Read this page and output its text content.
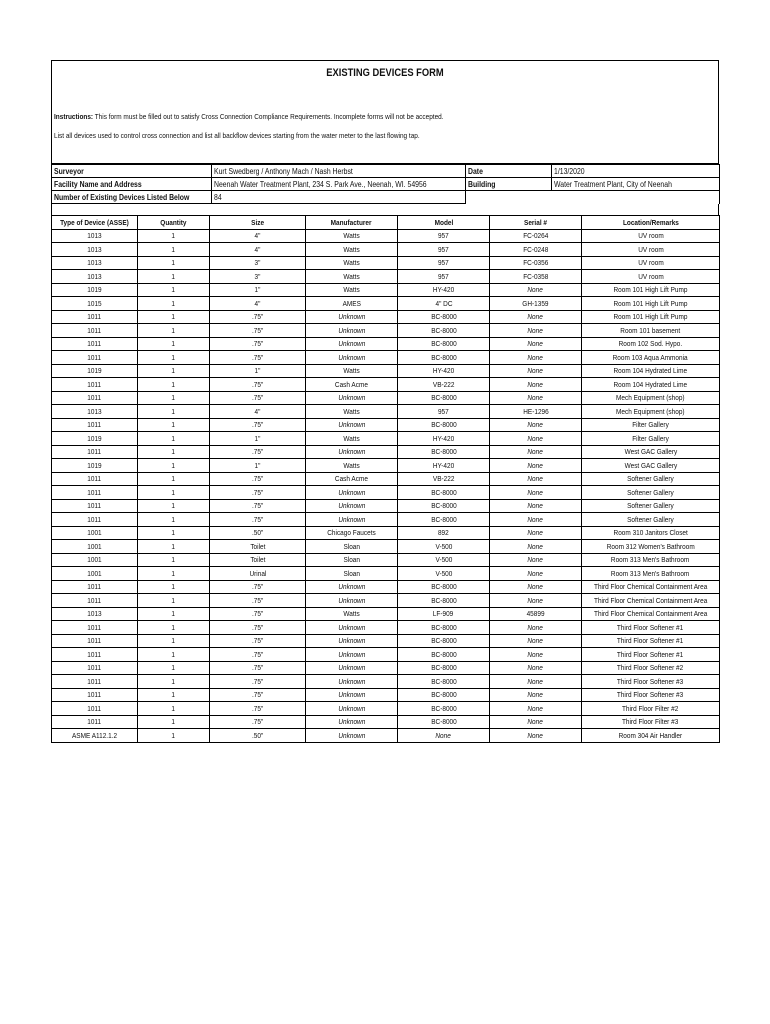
EXISTING DEVICES FORM
Instructions: This form must be filled out to satisfy Cross Connection Compliance Requirements. Incomplete forms will not be accepted.
List all devices used to control cross connection and list all backflow devices starting from the water meter to the last flowing tap.
Surveyor	Kurt Swedberg / Anthony Mach / Nash Herbst	Date	1/13/2020
Facility Name and Address	Neenah Water Treatment Plant, 234 S. Park Ave., Neenah, WI. 54956	Building	Water Treatment Plant, City of Neenah
Number of Existing Devices Listed Below	84		
Type of Device (ASSE)	Quantity	Size	Manufacturer	Model	Serial #	Location/Remarks
1013	1	4"	Watts	957	FC-0264	UV room
1013	1	4"	Watts	957	FC-0248	UV room
1013	1	3"	Watts	957	FC-0356	UV room
1013	1	3"	Watts	957	FC-0358	UV room
1019	1	1"	Watts	HY-420	None	Room 101 High Lift Pump
1015	1	4"	AMES	4" DC	GH-1359	Room 101 High Lift Pump
1011	1	.75"	Unknown	BC-8000	None	Room 101 High Lift Pump
1011	1	.75"	Unknown	BC-8000	None	Room 101 basement
1011	1	.75"	Unknown	BC-8000	None	Room 102 Sod. Hypo.
1011	1	.75"	Unknown	BC-8000	None	Room 103 Aqua Ammonia
1019	1	1"	Watts	HY-420	None	Room 104 Hydrated Lime
1011	1	.75"	Cash Acme	VB-222	None	Room 104 Hydrated Lime
1011	1	.75"	Unknown	BC-8000	None	Mech Equipment (shop)
1013	1	4"	Watts	957	HE-1296	Mech Equipment (shop)
1011	1	.75"	Unknown	BC-8000	None	Filter Gallery
1019	1	1"	Watts	HY-420	None	Filter Gallery
1011	1	.75"	Unknown	BC-8000	None	West GAC Gallery
1019	1	1"	Watts	HY-420	None	West GAC Gallery
1011	1	.75"	Cash Acme	VB-222	None	Softener Gallery
1011	1	.75"	Unknown	BC-8000	None	Softener Gallery
1011	1	.75"	Unknown	BC-8000	None	Softener Gallery
1011	1	.75"	Unknown	BC-8000	None	Softener Gallery
1001	1	.50"	Chicago Faucets	892	None	Room 310 Janitors Closet
1001	1	Toilet	Sloan	V-500	None	Room 312 Women's Bathroom
1001	1	Toilet	Sloan	V-500	None	Room 313 Men's Bathroom
1001	1	Urinal	Sloan	V-500	None	Room 313 Men's Bathroom
1011	1	.75"	Unknown	BC-8000	None	Third Floor Chemical Containment Area
1011	1	.75"	Unknown	BC-8000	None	Third Floor Chemical Containment Area
1013	1	.75"	Watts	LF-909	45899	Third Floor Chemical Containment Area
1011	1	.75"	Unknown	BC-8000	None	Third Floor Softener #1
1011	1	.75"	Unknown	BC-8000	None	Third Floor Softener #1
1011	1	.75"	Unknown	BC-8000	None	Third Floor Softener #1
1011	1	.75"	Unknown	BC-8000	None	Third Floor Softener #2
1011	1	.75"	Unknown	BC-8000	None	Third Floor Softener #3
1011	1	.75"	Unknown	BC-8000	None	Third Floor Softener #3
1011	1	.75"	Unknown	BC-8000	None	Third Floor Filter #2
1011	1	.75"	Unknown	BC-8000	None	Third Floor Filter #3
ASME A112.1.2	1	.50"	Unknown	None	None	Room 304 Air Handler
